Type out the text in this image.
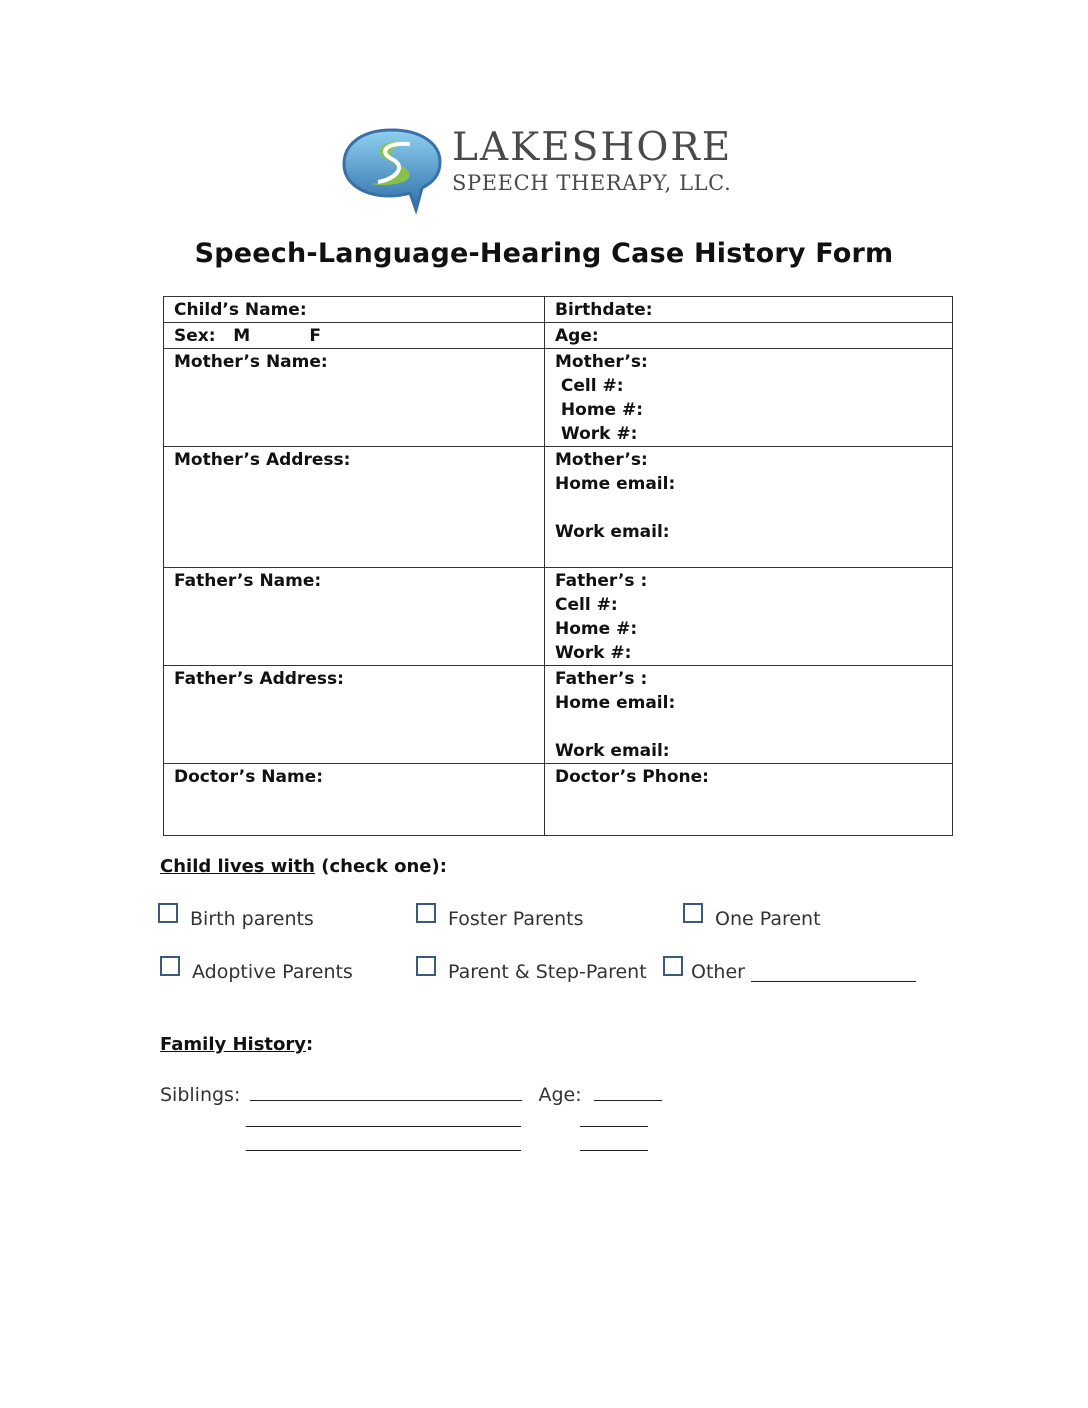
LAKESHORE
SPEECH THERAPY, LLC.
Speech-Language-Hearing Case History Form
Child’s Name:	Birthdate:

Sex:   M          F	Age:

Mother’s Name:	Mother’s:
Cell #:
Home #:
Work #:

Mother’s Address:	Mother’s:
Home email:
Work email:

Father’s Name:	Father’s :
Cell #:
Home #:
Work #:

Father’s Address:	Father’s :
Home email:
Work email:

Doctor’s Name:	Doctor’s Phone:
Child lives with (check one):
Birth parents	Foster Parents	One Parent
Adoptive Parents	Parent & Step-Parent Other
Family History:
Siblings:	Age:
